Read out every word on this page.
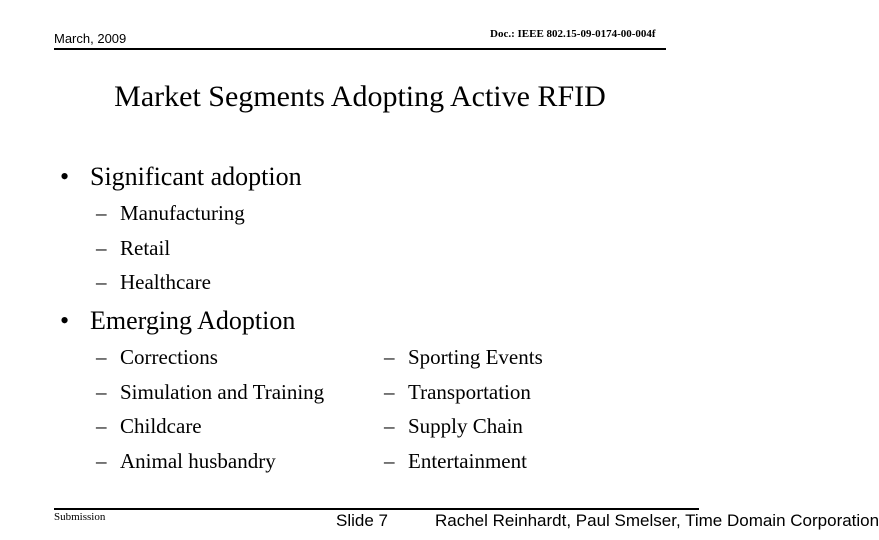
March, 2009	Doc.: IEEE 802.15-09-0174-00-004f
Market Segments Adopting Active RFID
• Significant adoption
– Manufacturing
– Retail
– Healthcare
• Emerging Adoption
– Corrections
– Simulation and Training
– Childcare
– Animal husbandry
– Sporting Events
– Transportation
– Supply Chain
– Entertainment
Submission	Slide 7	Rachel Reinhardt, Paul Smelser, Time Domain Corporation
